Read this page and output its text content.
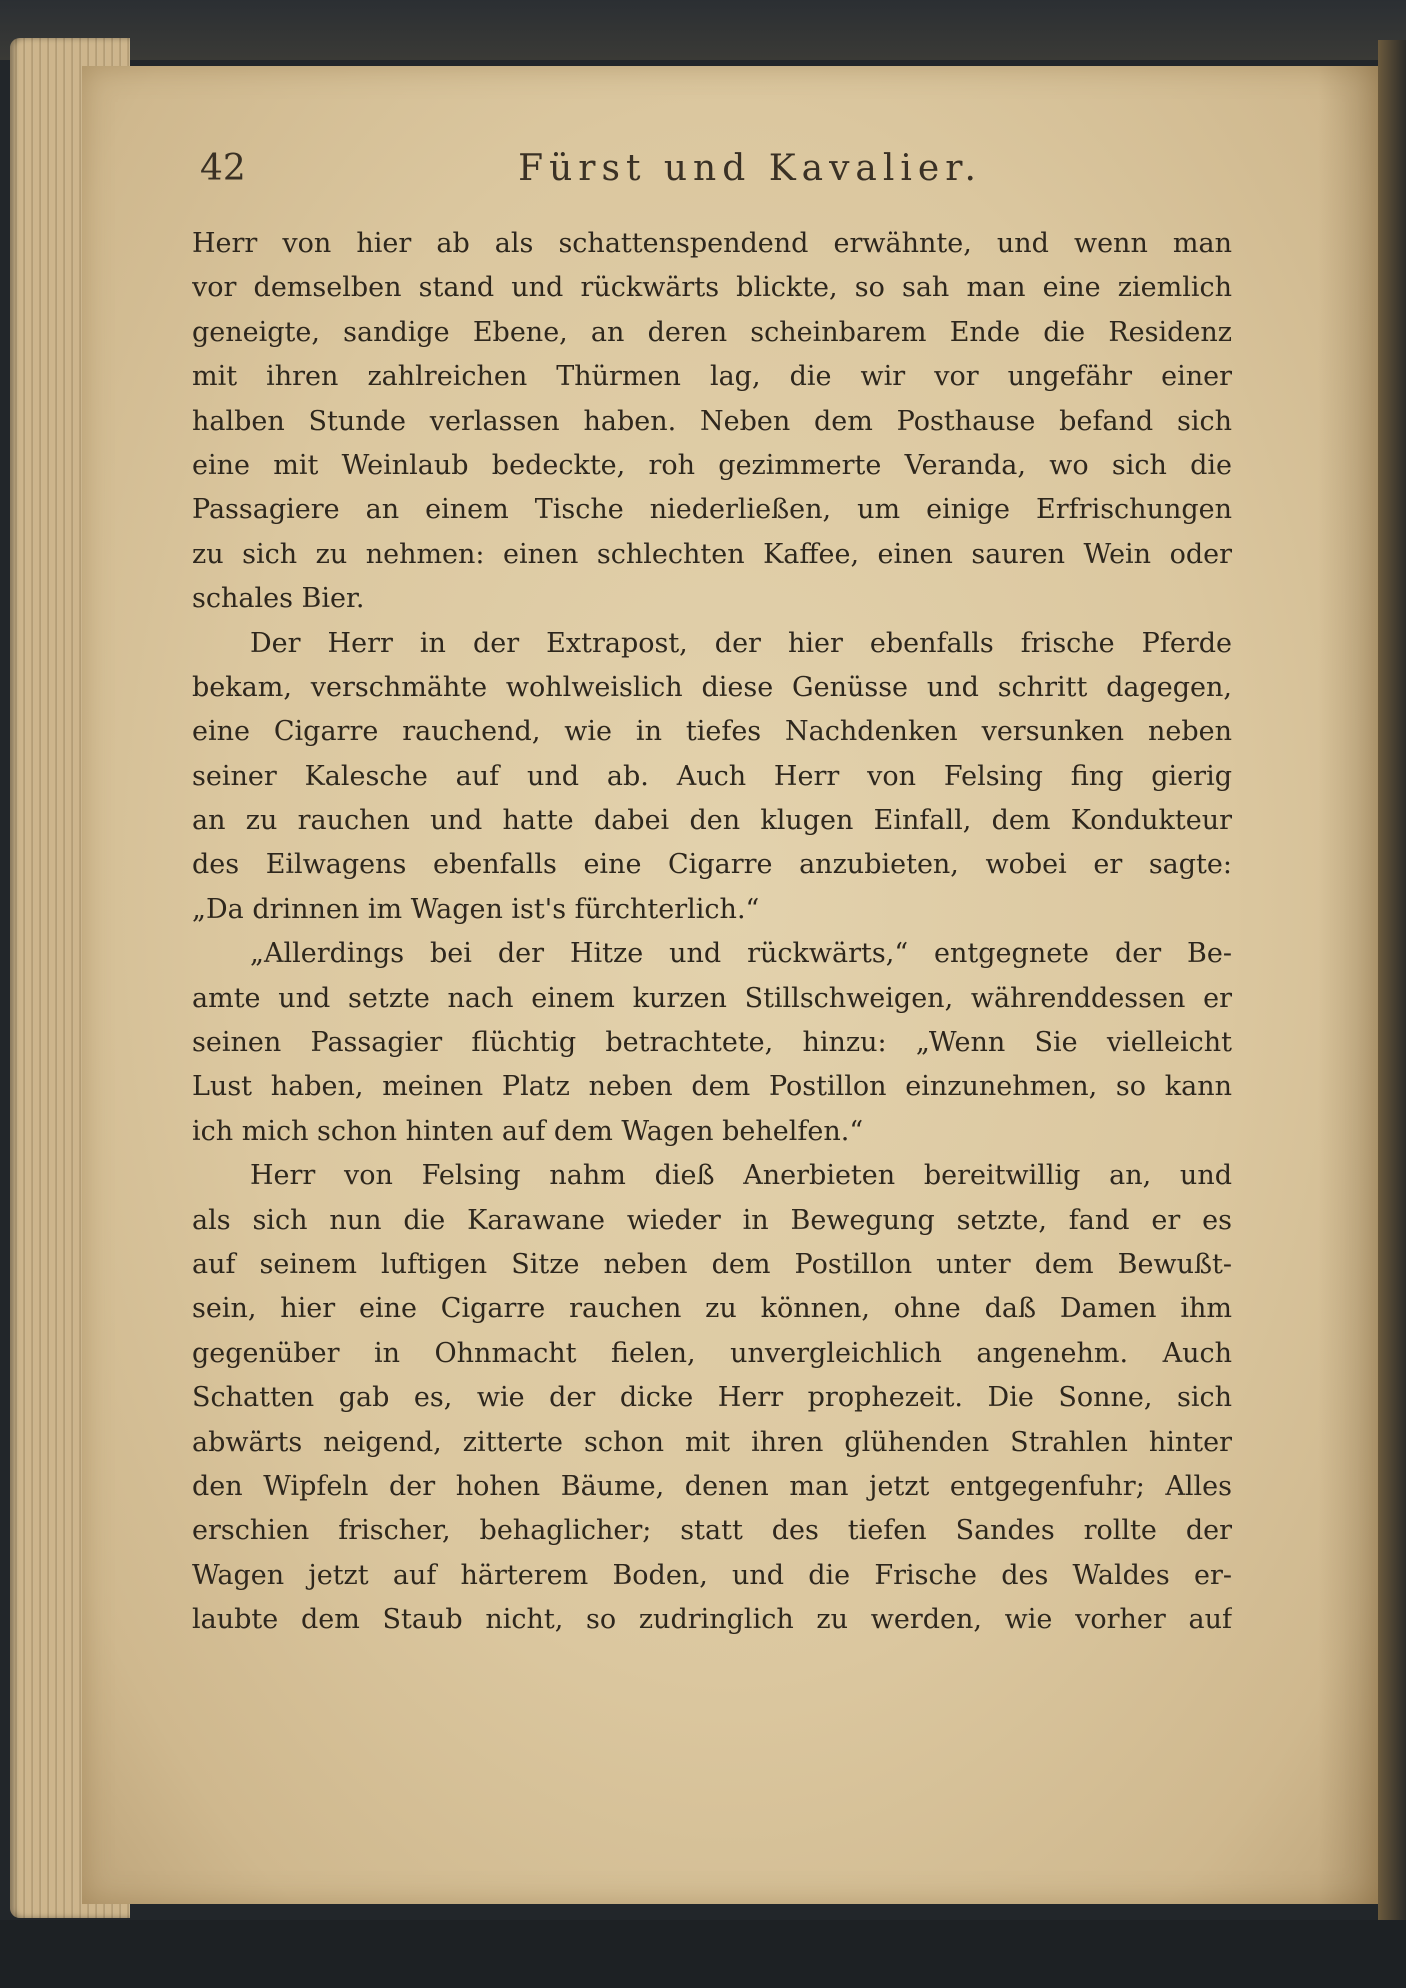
42	Fürst und Kavalier.
Herr von hier ab als schattenspendend erwähnte, und wenn man
vor demselben stand und rückwärts blickte, so sah man eine ziemlich
geneigte, sandige Ebene, an deren scheinbarem Ende die Residenz
mit ihren zahlreichen Thürmen lag, die wir vor ungefähr einer
halben Stunde verlassen haben. Neben dem Posthause befand sich
eine mit Weinlaub bedeckte, roh gezimmerte Veranda, wo sich die
Passagiere an einem Tische niederließen, um einige Erfrischungen
zu sich zu nehmen: einen schlechten Kaffee, einen sauren Wein oder
schales Bier.
Der Herr in der Extrapost, der hier ebenfalls frische Pferde
bekam, verschmähte wohlweislich diese Genüsse und schritt dagegen,
eine Cigarre rauchend, wie in tiefes Nachdenken versunken neben
seiner Kalesche auf und ab. Auch Herr von Felsing fing gierig
an zu rauchen und hatte dabei den klugen Einfall, dem Kondukteur
des Eilwagens ebenfalls eine Cigarre anzubieten, wobei er sagte:
„Da drinnen im Wagen ist's fürchterlich.“
„Allerdings bei der Hitze und rückwärts,“ entgegnete der Be-
amte und setzte nach einem kurzen Stillschweigen, währenddessen er
seinen Passagier flüchtig betrachtete, hinzu: „Wenn Sie vielleicht
Lust haben, meinen Platz neben dem Postillon einzunehmen, so kann
ich mich schon hinten auf dem Wagen behelfen.“
Herr von Felsing nahm dieß Anerbieten bereitwillig an, und
als sich nun die Karawane wieder in Bewegung setzte, fand er es
auf seinem luftigen Sitze neben dem Postillon unter dem Bewußt-
sein, hier eine Cigarre rauchen zu können, ohne daß Damen ihm
gegenüber in Ohnmacht fielen, unvergleichlich angenehm. Auch
Schatten gab es, wie der dicke Herr prophezeit. Die Sonne, sich
abwärts neigend, zitterte schon mit ihren glühenden Strahlen hinter
den Wipfeln der hohen Bäume, denen man jetzt entgegenfuhr; Alles
erschien frischer, behaglicher; statt des tiefen Sandes rollte der
Wagen jetzt auf härterem Boden, und die Frische des Waldes er-
laubte dem Staub nicht, so zudringlich zu werden, wie vorher auf
